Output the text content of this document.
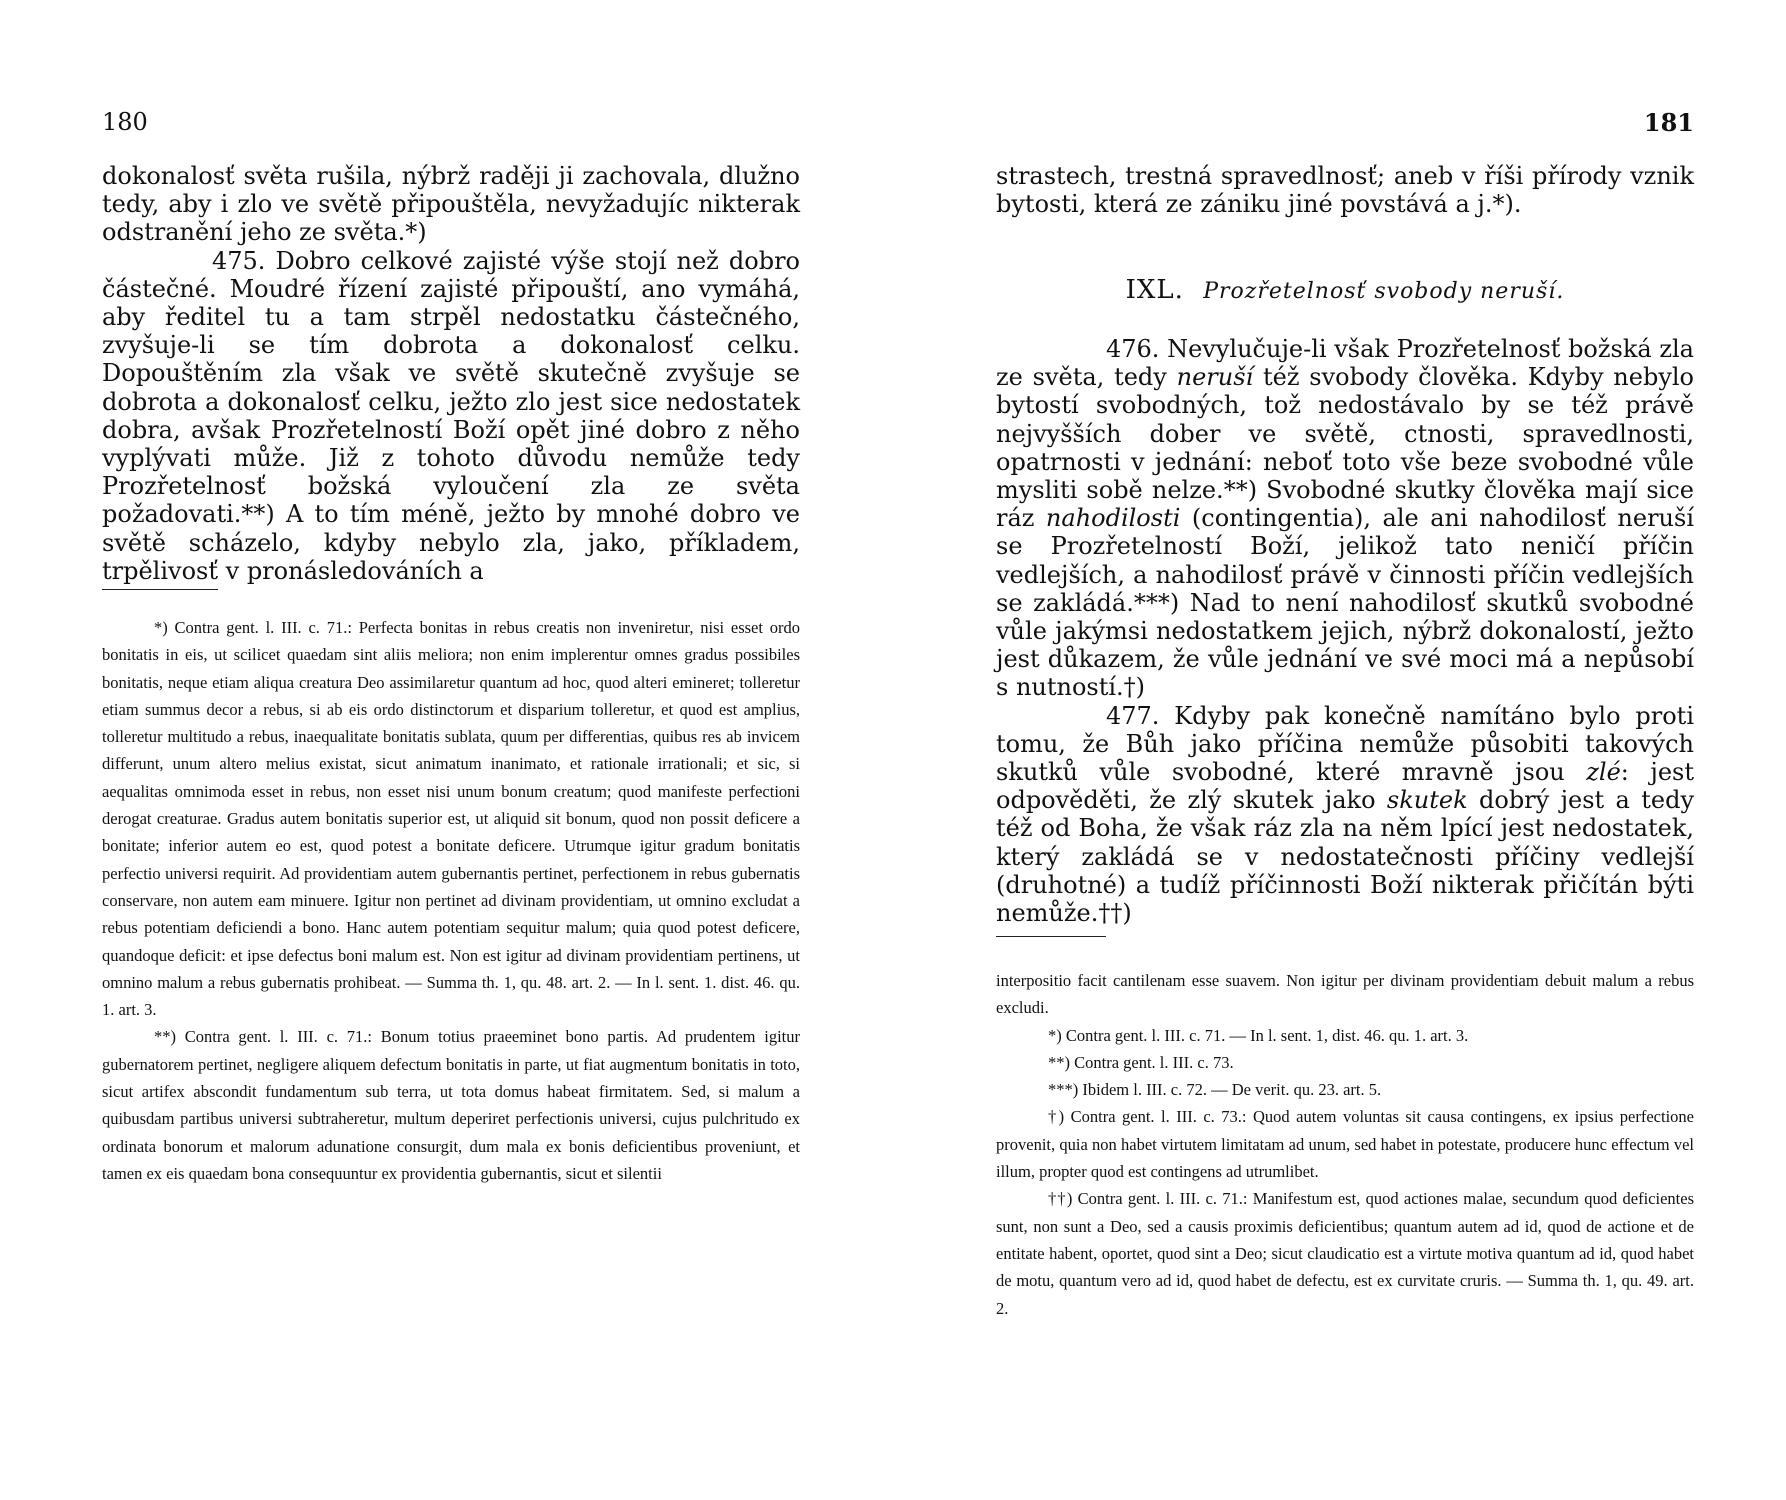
180

dokonalosť světa rušila, nýbrž raději ji zachovala, dlužno tedy, aby i zlo ve světě připouštěla, nevyžadujíc nikterak odstranění jeho ze světa.*)

475. Dobro celkové zajisté výše stojí než dobro částečné. Moudré řízení zajisté připouští, ano vymáhá, aby ředitel tu a tam strpěl nedostatku částečného, zvyšuje-li se tím dobrota a dokonalosť celku. Dopouštěním zla však ve světě skutečně zvyšuje se dobrota a dokonalosť celku, ježto zlo jest sice nedostatek dobra, avšak Prozřetelností Boží opět jiné dobro z něho vyplývati může. Již z tohoto důvodu nemůže tedy Prozřetelnosť božská vyloučení zla ze světa požadovati.**) A to tím méně, ježto by mnohé dobro ve světě scházelo, kdyby nebylo zla, jako, příkladem, trpělivosť v pronásledováních a

*) Contra gent. l. III. c. 71.: Perfecta bonitas in rebus creatis non inveniretur, nisi esset ordo bonitatis in eis, ut scilicet quaedam sint aliis meliora; non enim implerentur omnes gradus possibiles bonitatis, neque etiam aliqua creatura Deo assimilaretur quantum ad hoc, quod alteri emineret; tolleretur etiam summus decor a rebus, si ab eis ordo distinctorum et disparium tolleretur, et quod est amplius, tolleretur multitudo a rebus, inaequalitate bonitatis sublata, quum per differentias, quibus res ab invicem differunt, unum altero melius existat, sicut animatum inanimato, et rationale irrationali; et sic, si aequalitas omnimoda esset in rebus, non esset nisi unum bonum creatum; quod manifeste perfectioni derogat creaturae. Gradus autem bonitatis superior est, ut aliquid sit bonum, quod non possit deficere a bonitate; inferior autem eo est, quod potest a bonitate deficere. Utrumque igitur gradum bonitatis perfectio universi requirit. Ad providentiam autem gubernantis pertinet, perfectionem in rebus gubernatis conservare, non autem eam minuere. Igitur non pertinet ad divinam providentiam, ut omnino excludat a rebus potentiam deficiendi a bono. Hanc autem potentiam sequitur malum; quia quod potest deficere, quandoque deficit: et ipse defectus boni malum est. Non est igitur ad divinam providentiam pertinens, ut omnino malum a rebus gubernatis prohibeat. — Summa th. 1, qu. 48. art. 2. — In l. sent. 1. dist. 46. qu. 1. art. 3.

**) Contra gent. l. III. c. 71.: Bonum totius praeeminet bono partis. Ad prudentem igitur gubernatorem pertinet, negligere aliquem defectum bonitatis in parte, ut fiat augmentum bonitatis in toto, sicut artifex abscondit fundamentum sub terra, ut tota domus habeat firmitatem. Sed, si malum a quibusdam partibus universi subtraheretur, multum deperiret perfectionis universi, cujus pulchritudo ex ordinata bonorum et malorum adunatione consurgit, dum mala ex bonis deficientibus proveniunt, et tamen ex eis quaedam bona consequuntur ex providentia gubernantis, sicut et silentii

181

strastech, trestná spravedlnosť; aneb v říši přírody vznik bytosti, která ze zániku jiné povstává a j.*).

IXL. Prozřetelnosť svobody neruší.

476. Nevylučuje-li však Prozřetelnosť božská zla ze světa, tedy neruší též svobody člověka. Kdyby nebylo bytostí svobodných, tož nedostávalo by se též právě nejvyšších dober ve světě, ctnosti, spravedlnosti, opatrnosti v jednání: neboť toto vše beze svobodné vůle mysliti sobě nelze.**) Svobodné skutky člověka mají sice ráz nahodilosti (contingentia), ale ani nahodilosť neruší se Prozřetelností Boží, jelikož tato neničí příčin vedlejších, a nahodilosť právě v činnosti příčin vedlejších se zakládá.***) Nad to není nahodilosť skutků svobodné vůle jakýmsi nedostatkem jejich, nýbrž dokonalostí, ježto jest důkazem, že vůle jednání ve své moci má a nepůsobí s nutností.†)

477. Kdyby pak konečně namítáno bylo proti tomu, že Bůh jako příčina nemůže působiti takových skutků vůle svobodné, které mravně jsou zlé: jest odpověděti, že zlý skutek jako skutek dobrý jest a tedy též od Boha, že však ráz zla na něm lpící jest nedostatek, který zakládá se v nedostatečnosti příčiny vedlejší (druhotné) a tudíž příčinnosti Boží nikterak přičítán býti nemůže.††)

interpositio facit cantilenam esse suavem. Non igitur per divinam providentiam debuit malum a rebus excludi.

*) Contra gent. l. III. c. 71. — In l. sent. 1, dist. 46. qu. 1. art. 3.

**) Contra gent. l. III. c. 73.

***) Ibidem l. III. c. 72. — De verit. qu. 23. art. 5.

†) Contra gent. l. III. c. 73.: Quod autem voluntas sit causa contingens, ex ipsius perfectione provenit, quia non habet virtutem limitatam ad unum, sed habet in potestate, producere hunc effectum vel illum, propter quod est contingens ad utrumlibet.

††) Contra gent. l. III. c. 71.: Manifestum est, quod actiones malae, secundum quod deficientes sunt, non sunt a Deo, sed a causis proximis deficientibus; quantum autem ad id, quod de actione et de entitate habent, oportet, quod sint a Deo; sicut claudicatio est a virtute motiva quantum ad id, quod habet de motu, quantum vero ad id, quod habet de defectu, est ex curvitate cruris. — Summa th. 1, qu. 49. art. 2.
